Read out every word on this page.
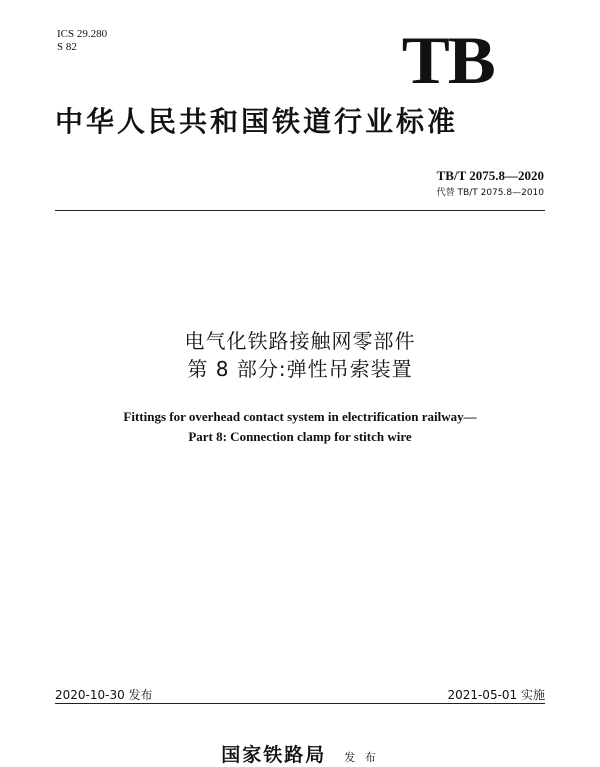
ICS 29.280
S 82	TB
中华人民共和国铁道行业标准
TB/T 2075.8—2020
代替 TB/T 2075.8—2010
电气化铁路接触网零部件
第 8 部分:弹性吊索装置
Fittings for overhead contact system in electrification railway—
Part 8: Connection clamp for stitch wire
2020-10-30 发布	2021-05-01 实施
国家铁路局 发 布
